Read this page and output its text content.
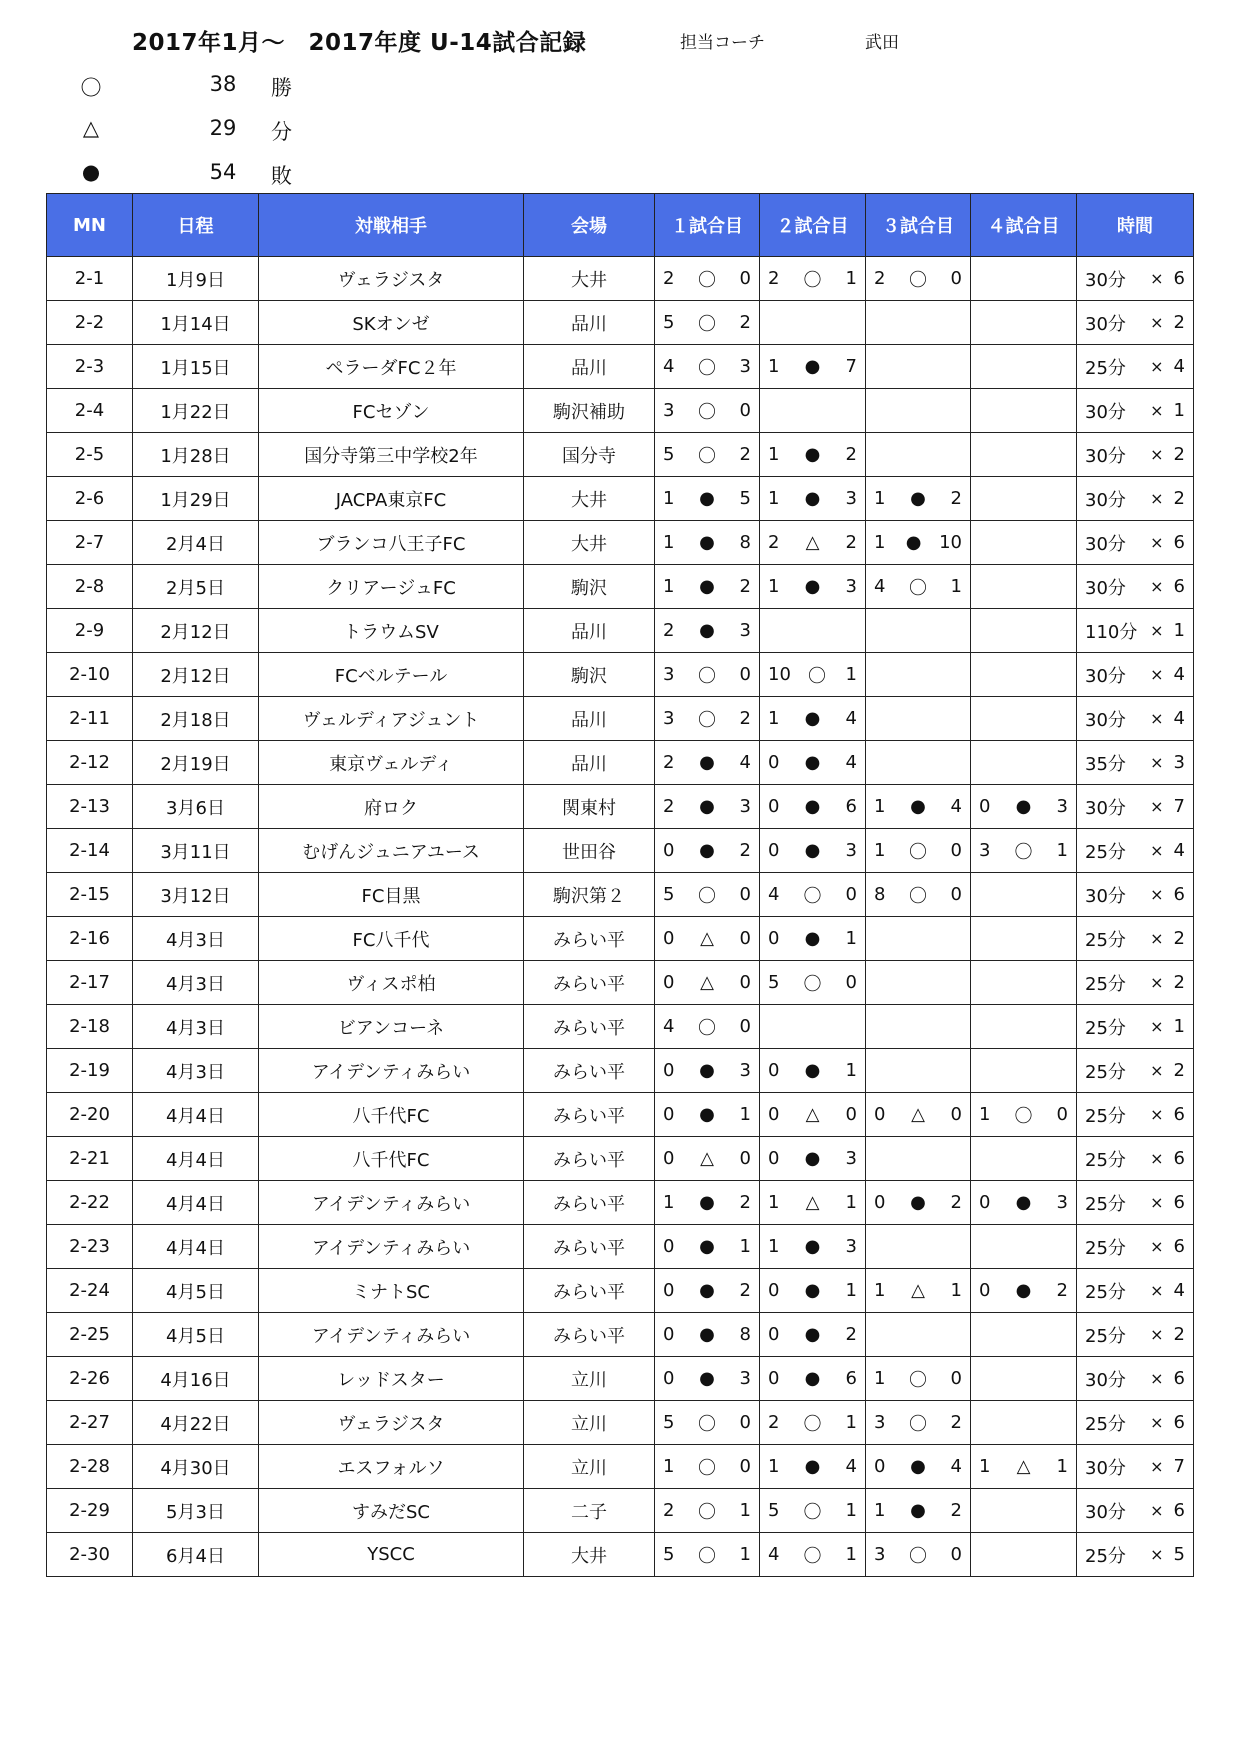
2017年1月〜　2017年度 U-14試合記録	担当コーチ	武田
〇	38	勝
△	29	分
●	54	敗
MN	日程	対戦相手	会場	１試合目	２試合目	３試合目	４試合目	時間
2-1	1月9日	ヴェラジスタ	大井	2 〇 0	2 〇 1	2 〇 0		30分 × 6

2-2	1月14日	SKオンゼ	品川	5 〇 2				30分 × 2

2-3	1月15日	ペラーダFC２年	品川	4 〇 3	1 ● 7			25分 × 4

2-4	1月22日	FCセゾン	駒沢補助	3 〇 0				30分 × 1

2-5	1月28日	国分寺第三中学校2年	国分寺	5 〇 2	1 ● 2			30分 × 2

2-6	1月29日	JACPA東京FC	大井	1 ● 5	1 ● 3	1 ● 2		30分 × 2

2-7	2月4日	ブランコ八王子FC	大井	1 ● 8	2 △ 2	1 ● 10		30分 × 6

2-8	2月5日	クリアージュFC	駒沢	1 ● 2	1 ● 3	4 〇 1		30分 × 6

2-9	2月12日	トラウムSV	品川	2 ● 3				110分 × 1

2-10	2月12日	FCベルテール	駒沢	3 〇 0	10 〇 1			30分 × 4

2-11	2月18日	ヴェルディアジュント	品川	3 〇 2	1 ● 4			30分 × 4

2-12	2月19日	東京ヴェルディ	品川	2 ● 4	0 ● 4			35分 × 3

2-13	3月6日	府ロク	関東村	2 ● 3	0 ● 6	1 ● 4	0 ● 3	30分 × 7

2-14	3月11日	むげんジュニアユース	世田谷	0 ● 2	0 ● 3	1 〇 0	3 〇 1	25分 × 4

2-15	3月12日	FC目黒	駒沢第２	5 〇 0	4 〇 0	8 〇 0		30分 × 6

2-16	4月3日	FC八千代	みらい平	0 △ 0	0 ● 1			25分 × 2

2-17	4月3日	ヴィスポ柏	みらい平	0 △ 0	5 〇 0			25分 × 2

2-18	4月3日	ビアンコーネ	みらい平	4 〇 0				25分 × 1

2-19	4月3日	アイデンティみらい	みらい平	0 ● 3	0 ● 1			25分 × 2

2-20	4月4日	八千代FC	みらい平	0 ● 1	0 △ 0	0 △ 0	1 〇 0	25分 × 6

2-21	4月4日	八千代FC	みらい平	0 △ 0	0 ● 3			25分 × 6

2-22	4月4日	アイデンティみらい	みらい平	1 ● 2	1 △ 1	0 ● 2	0 ● 3	25分 × 6

2-23	4月4日	アイデンティみらい	みらい平	0 ● 1	1 ● 3			25分 × 6

2-24	4月5日	ミナトSC	みらい平	0 ● 2	0 ● 1	1 △ 1	0 ● 2	25分 × 4

2-25	4月5日	アイデンティみらい	みらい平	0 ● 8	0 ● 2			25分 × 2

2-26	4月16日	レッドスター	立川	0 ● 3	0 ● 6	1 〇 0		30分 × 6

2-27	4月22日	ヴェラジスタ	立川	5 〇 0	2 〇 1	3 〇 2		25分 × 6

2-28	4月30日	エスフォルソ	立川	1 〇 0	1 ● 4	0 ● 4	1 △ 1	30分 × 7

2-29	5月3日	すみだSC	二子	2 〇 1	5 〇 1	1 ● 2		30分 × 6

2-30	6月4日	YSCC	大井	5 〇 1	4 〇 1	3 〇 0		25分 × 5
